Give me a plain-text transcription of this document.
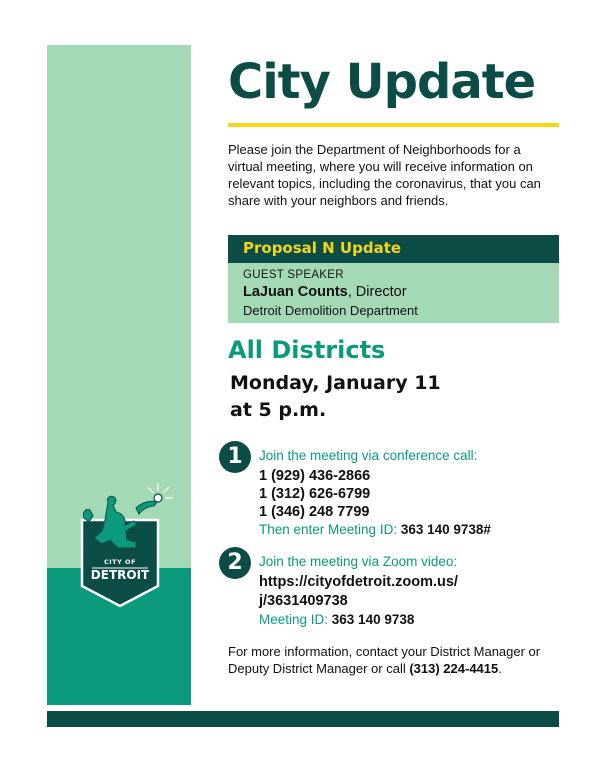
CITY OF
DETROIT
City Update

Please join the Department of Neighborhoods for a virtual meeting, where you will receive information on relevant topics, including the coronavirus, that you can share with your neighbors and friends.

Proposal N Update
GUEST SPEAKER
LaJuan Counts, Director
Detroit Demolition Department
All Districts

Monday, January 11

at 5 p.m.

1	Join the meeting via conference call:
1 (929) 436-2866
1 (312) 626-6799
1 (346) 248 7799
Then enter Meeting ID: 363 140 9738#
2	Join the meeting via Zoom video:
https://cityofdetroit.zoom.us/
j/3631409738
Meeting ID: 363 140 9738

For more information, contact your District Manager or Deputy District Manager or call (313) 224-4415.
